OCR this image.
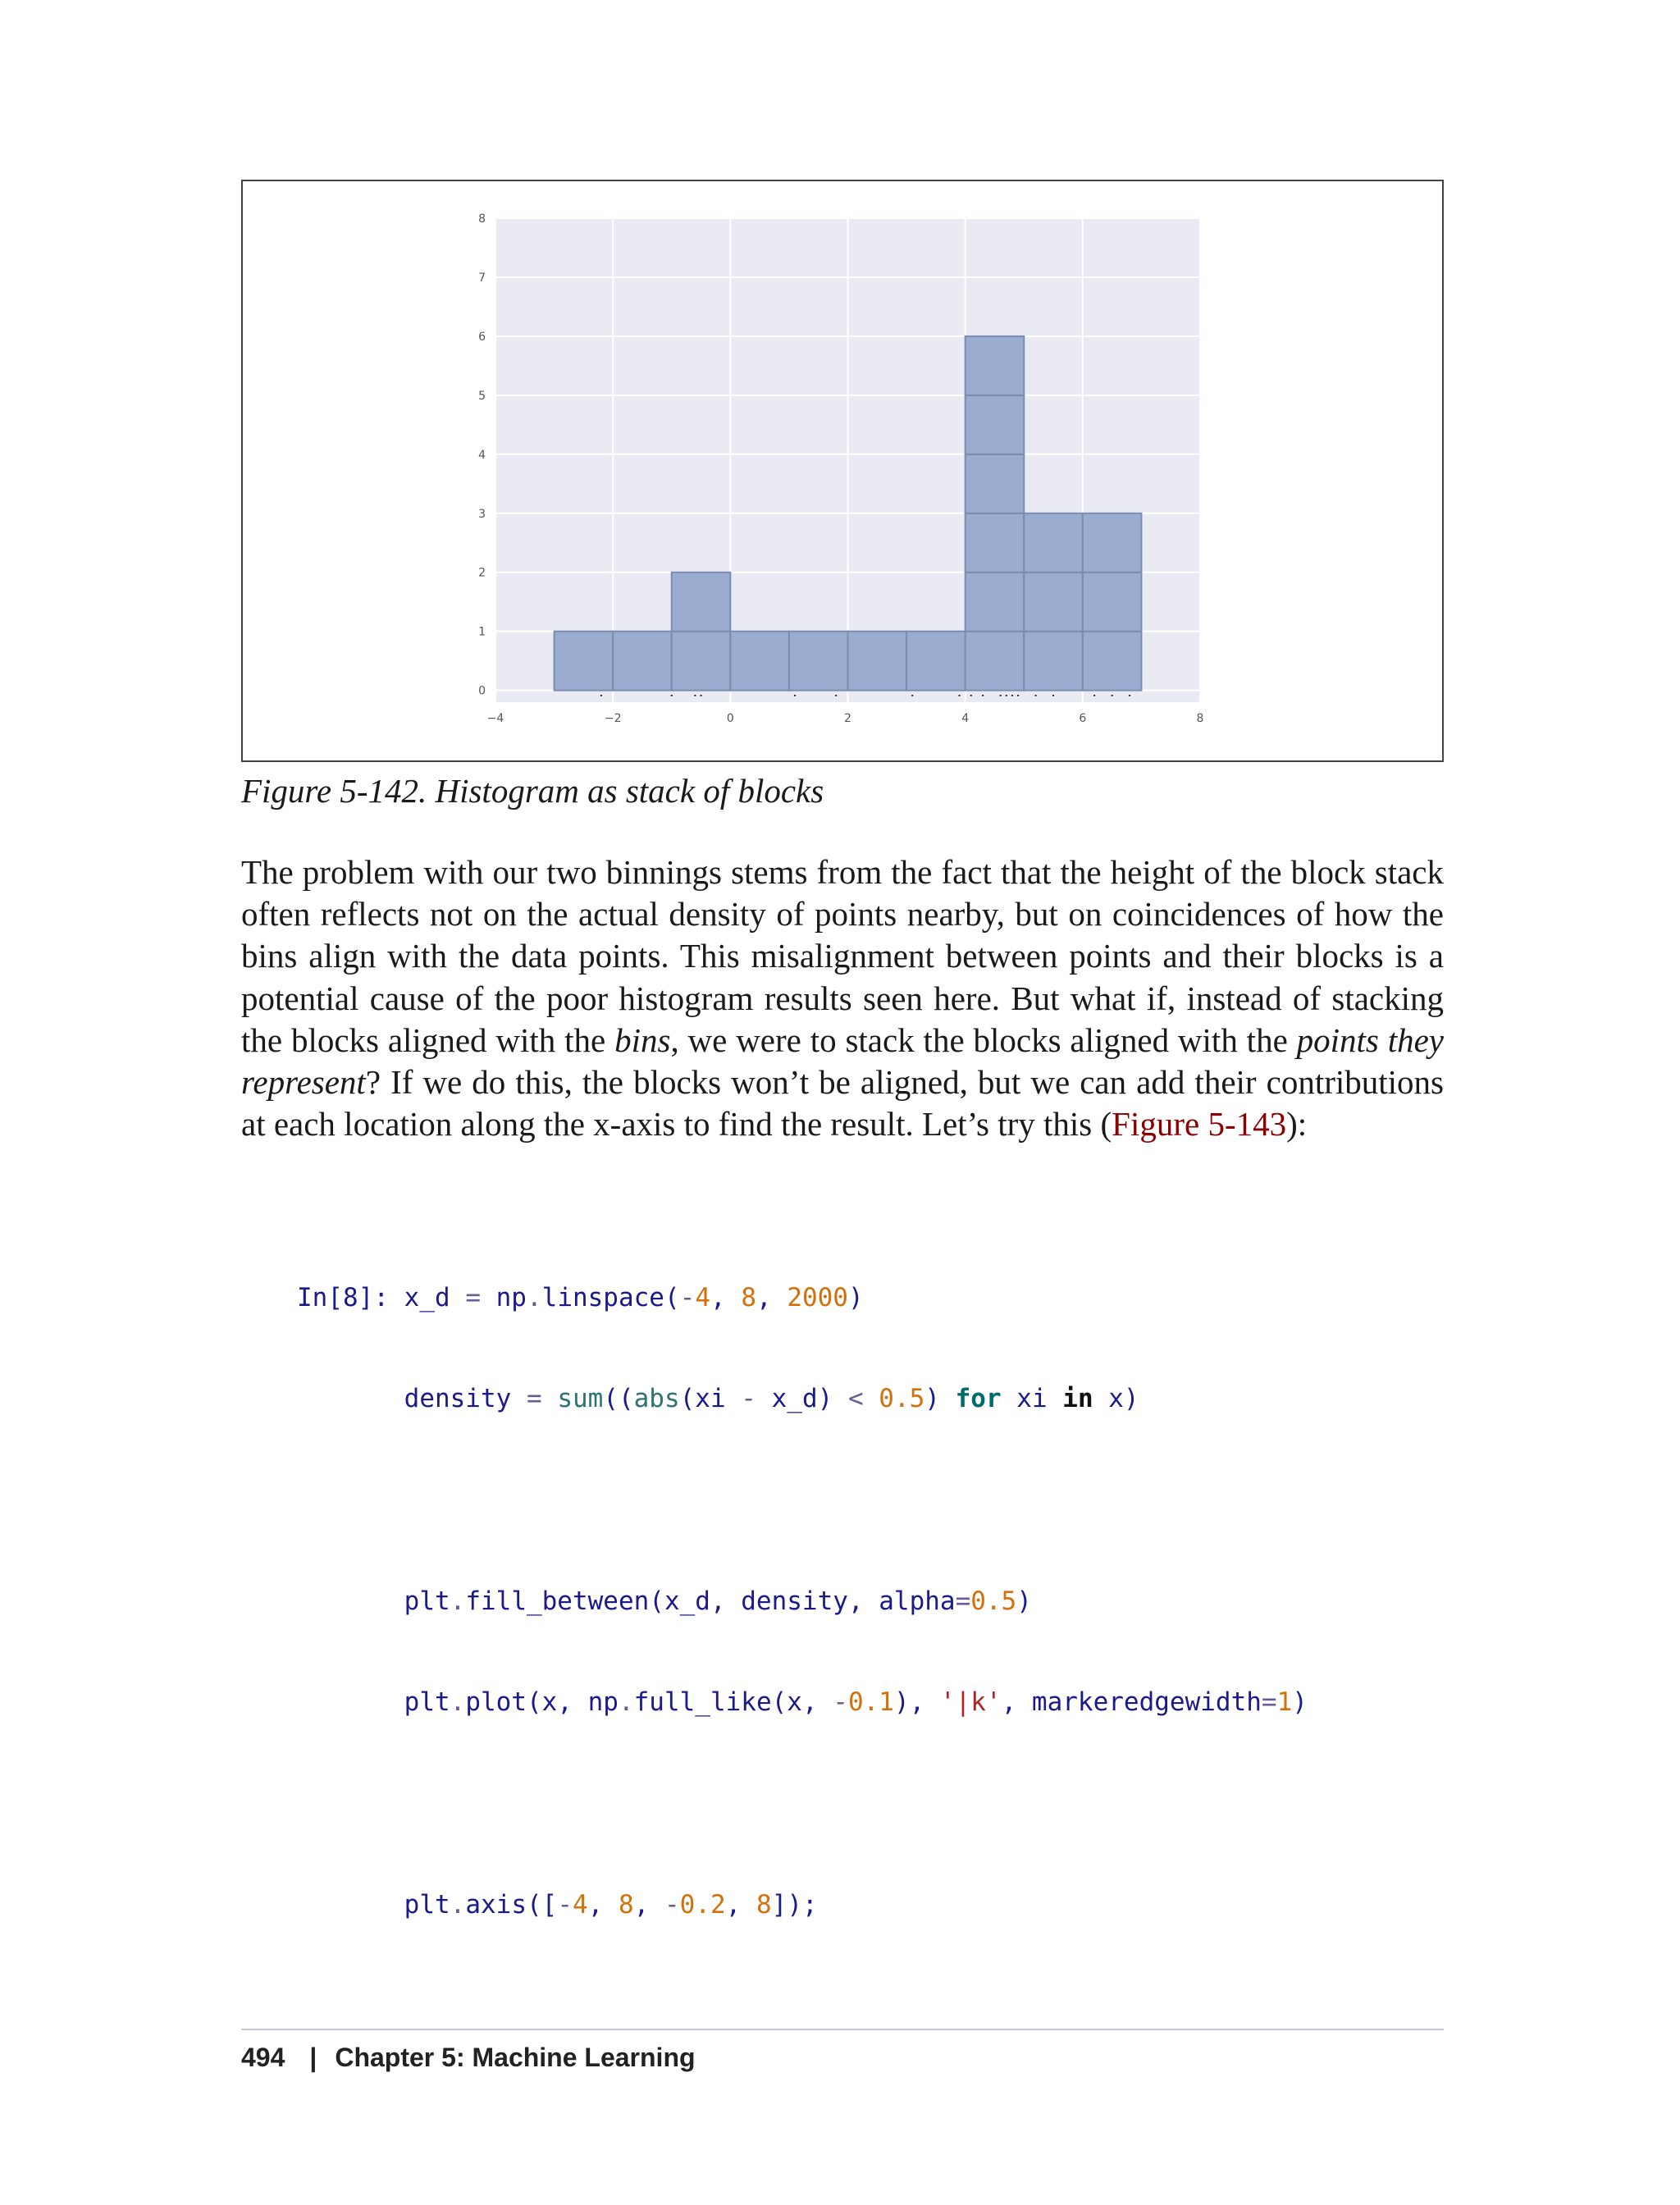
−4	−2	0	2	4	6	8
0
1
2
3
4
5
6
7
8
Figure 5-142. Histogram as stack of blocks

The problem with our two binnings stems from the fact that the height of the block stack often reflects not on the actual density of points nearby, but on coincidences of how the bins align with the data points. This misalignment between points and their blocks is a potential cause of the poor histogram results seen here. But what if, instead of stacking the blocks aligned with the bins, we were to stack the blocks aligned with the points they represent? If we do this, the blocks won’t be aligned, but we can add their contributions at each location along the x-axis to find the result. Let’s try this (Figure 5-143):

In[8]: x_d = np.linspace(-4, 8, 2000)

density = sum((abs(xi - x_d) < 0.5) for xi in x)

plt.fill_between(x_d, density, alpha=0.5)

plt.plot(x, np.full_like(x, -0.1), '|k', markeredgewidth=1)

plt.axis([-4, 8, -0.2, 8]);

494 | Chapter 5: Machine Learning
